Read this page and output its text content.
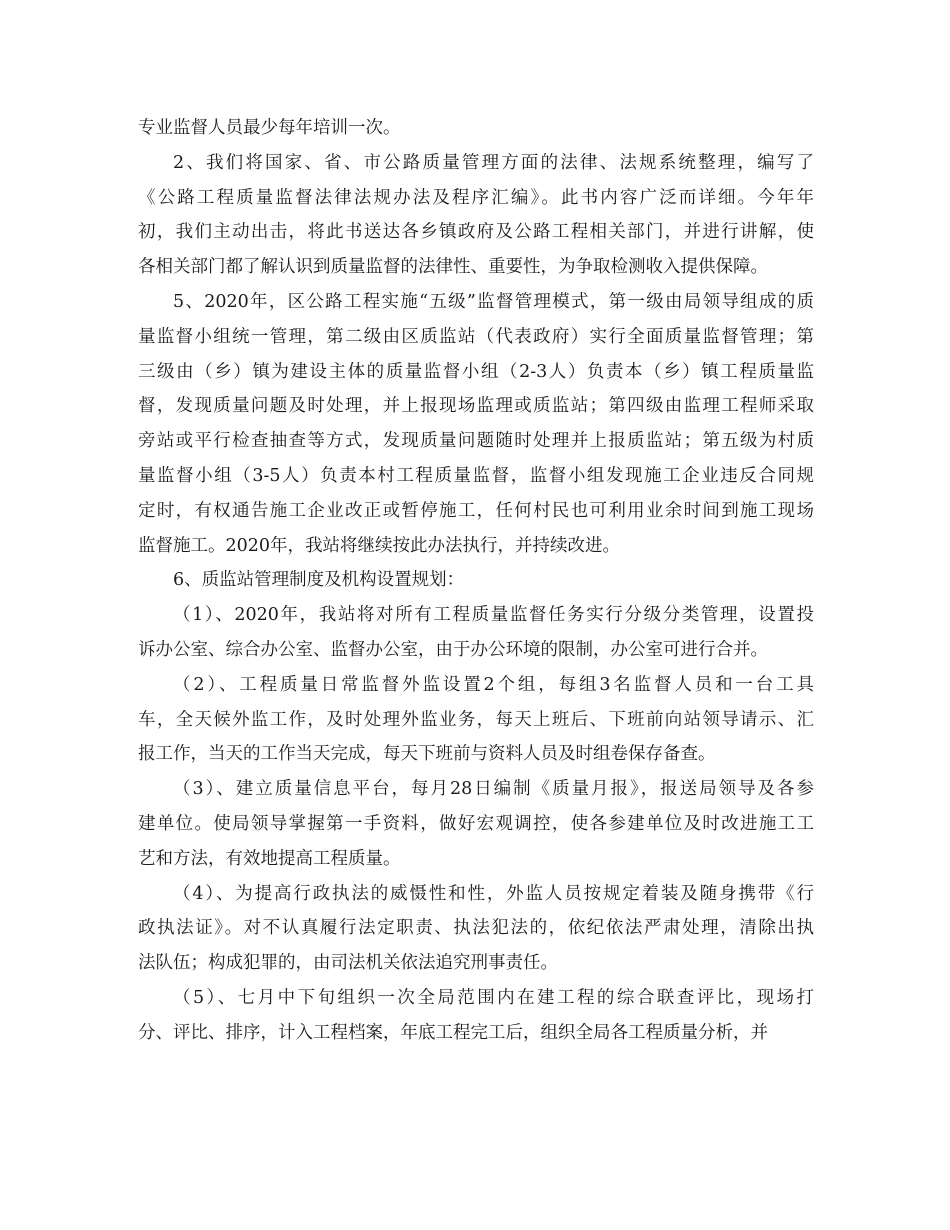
专业监督人员最少每年培训一次。
2、我们将国家、省、市公路质量管理方面的法律、法规系统整理，编写了
《公路工程质量监督法律法规办法及程序汇编》。此书内容广泛而详细。今年年
初，我们主动出击，将此书送达各乡镇政府及公路工程相关部门，并进行讲解，使
各相关部门都了解认识到质量监督的法律性、重要性，为争取检测收入提供保障。
5、2020年，区公路工程实施“五级”监督管理模式，第一级由局领导组成的质
量监督小组统一管理，第二级由区质监站（代表政府）实行全面质量监督管理；第
三级由（乡）镇为建设主体的质量监督小组（2-3人）负责本（乡）镇工程质量监
督，发现质量问题及时处理，并上报现场监理或质监站；第四级由监理工程师采取
旁站或平行检查抽查等方式，发现质量问题随时处理并上报质监站；第五级为村质
量监督小组（3-5人）负责本村工程质量监督，监督小组发现施工企业违反合同规
定时，有权通告施工企业改正或暂停施工，任何村民也可利用业余时间到施工现场
监督施工。2020年，我站将继续按此办法执行，并持续改进。
6、质监站管理制度及机构设置规划：
（1）、2020年，我站将对所有工程质量监督任务实行分级分类管理，设置投
诉办公室、综合办公室、监督办公室，由于办公环境的限制，办公室可进行合并。
（2）、工程质量日常监督外监设置2个组，每组3名监督人员和一台工具
车，全天候外监工作，及时处理外监业务，每天上班后、下班前向站领导请示、汇
报工作，当天的工作当天完成，每天下班前与资料人员及时组卷保存备查。
（3）、建立质量信息平台，每月28日编制《质量月报》，报送局领导及各参
建单位。使局领导掌握第一手资料，做好宏观调控，使各参建单位及时改进施工工
艺和方法，有效地提高工程质量。
（4）、为提高行政执法的威慑性和性，外监人员按规定着装及随身携带《行
政执法证》。对不认真履行法定职责、执法犯法的，依纪依法严肃处理，清除出执
法队伍；构成犯罪的，由司法机关依法追究刑事责任。
（5）、七月中下旬组织一次全局范围内在建工程的综合联查评比，现场打
分、评比、排序，计入工程档案，年底工程完工后，组织全局各工程质量分析，并
